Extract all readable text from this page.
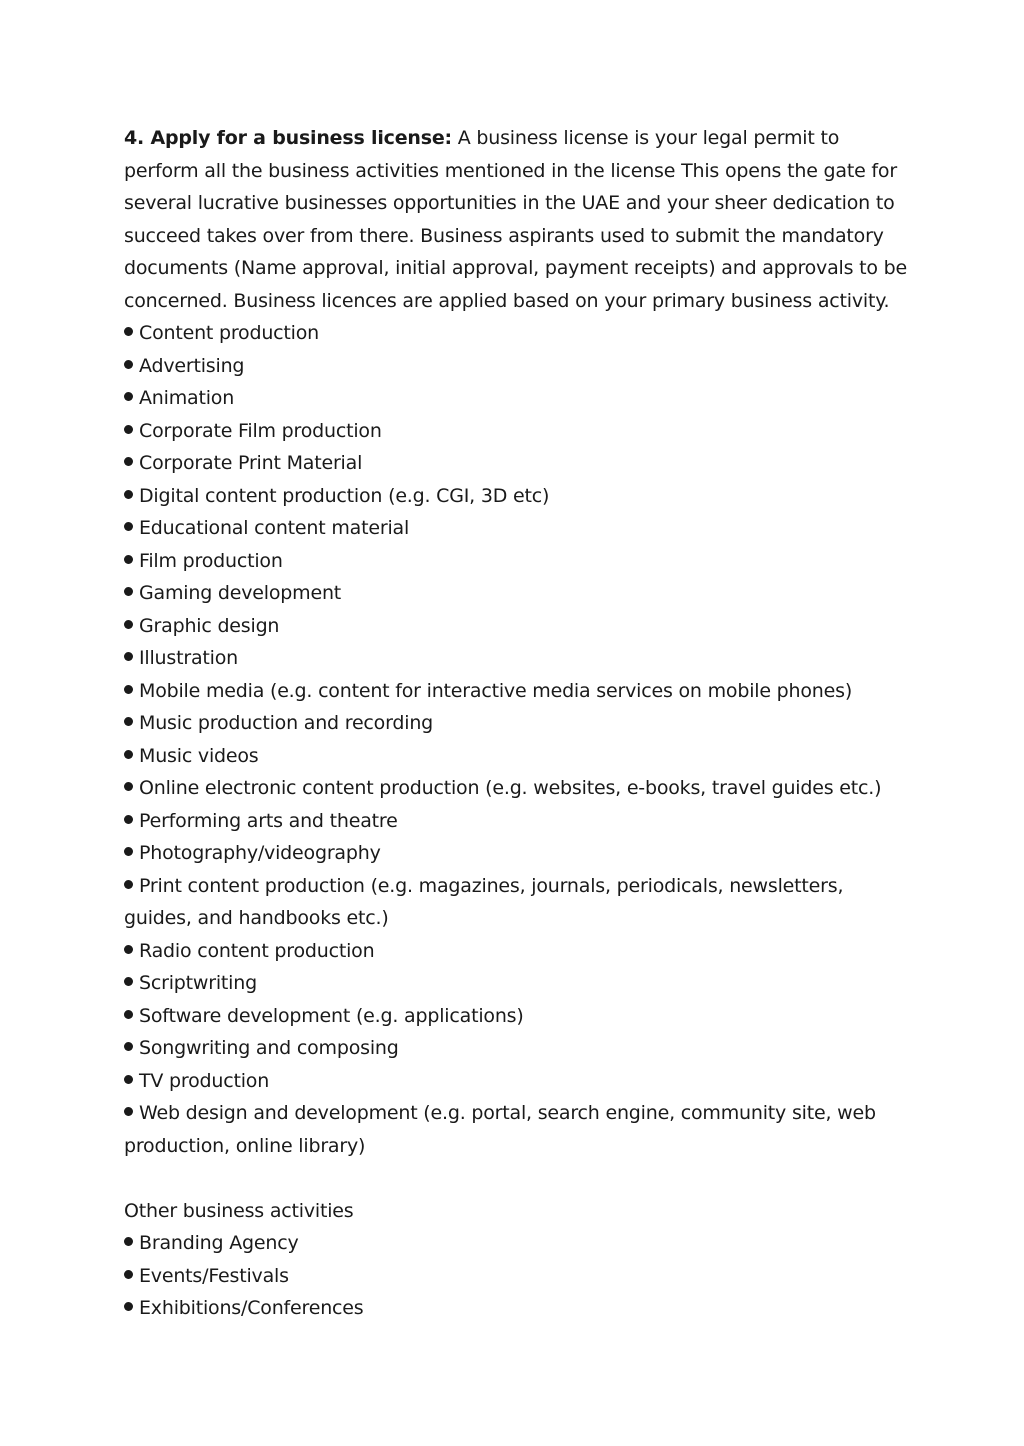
4. Apply for a business license: A business license is your legal permit to perform all the business activities mentioned in the license This opens the gate for several lucrative businesses opportunities in the UAE and your sheer dedication to succeed takes over from there. Business aspirants used to submit the mandatory documents (Name approval, initial approval, payment receipts) and approvals to be concerned. Business licences are applied based on your primary business activity.

Content production
Advertising
Animation
Corporate Film production
Corporate Print Material
Digital content production (e.g. CGI, 3D etc)
Educational content material
Film production
Gaming development
Graphic design
Illustration
Mobile media (e.g. content for interactive media services on mobile phones)
Music production and recording
Music videos
Online electronic content production (e.g. websites, e-books, travel guides etc.)
Performing arts and theatre
Photography/videography
Print content production (e.g. magazines, journals, periodicals, newsletters, guides, and handbooks etc.)
Radio content production
Scriptwriting
Software development (e.g. applications)
Songwriting and composing
TV production
Web design and development (e.g. portal, search engine, community site, web production, online library)

Other business activities

Branding Agency
Events/Festivals
Exhibitions/Conferences
